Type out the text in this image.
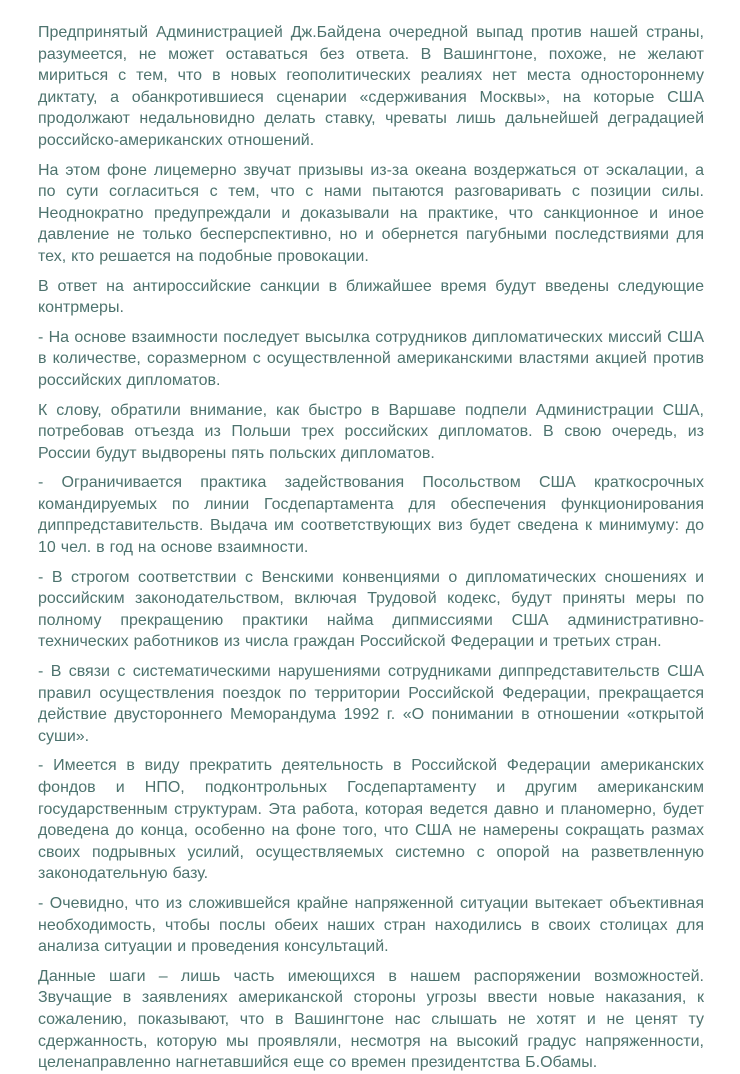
Предпринятый Администрацией Дж.Байдена очередной выпад против нашей страны, разумеется, не может оставаться без ответа. В Вашингтоне, похоже, не желают мириться с тем, что в новых геополитических реалиях нет места одностороннему диктату, а обанкротившиеся сценарии «сдерживания Москвы», на которые США продолжают недальновидно делать ставку, чреваты лишь дальнейшей деградацией российско-американских отношений.

На этом фоне лицемерно звучат призывы из-за океана воздержаться от эскалации, а по сути согласиться с тем, что с нами пытаются разговаривать с позиции силы. Неоднократно предупреждали и доказывали на практике, что санкционное и иное давление не только бесперспективно, но и обернется пагубными последствиями для тех, кто решается на подобные провокации.

В ответ на антироссийские санкции в ближайшее время будут введены следующие контрмеры.

- На основе взаимности последует высылка сотрудников дипломатических миссий США в количестве, соразмерном с осуществленной американскими властями акцией против российских дипломатов.

К слову, обратили внимание, как быстро в Варшаве подпели Администрации США, потребовав отъезда из Польши трех российских дипломатов. В свою очередь, из России будут выдворены пять польских дипломатов.

- Ограничивается практика задействования Посольством США краткосрочных командируемых по линии Госдепартамента для обеспечения функционирования диппредставительств. Выдача им соответствующих виз будет сведена к минимуму: до 10 чел. в год на основе взаимности.

- В строгом соответствии с Венскими конвенциями о дипломатических сношениях и российским законодательством, включая Трудовой кодекс, будут приняты меры по полному прекращению практики найма дипмиссиями США административно-технических работников из числа граждан Российской Федерации и третьих стран.

- В связи с систематическими нарушениями сотрудниками диппредставительств США правил осуществления поездок по территории Российской Федерации, прекращается действие двустороннего Меморандума 1992 г. «О понимании в отношении «открытой суши».

- Имеется в виду прекратить деятельность в Российской Федерации американских фондов и НПО, подконтрольных Госдепартаменту и другим американским государственным структурам. Эта работа, которая ведется давно и планомерно, будет доведена до конца, особенно на фоне того, что США не намерены сокращать размах своих подрывных усилий, осуществляемых системно с опорой на разветвленную законодательную базу.

- Очевидно, что из сложившейся крайне напряженной ситуации вытекает объективная необходимость, чтобы послы обеих наших стран находились в своих столицах для анализа ситуации и проведения консультаций.

Данные шаги – лишь часть имеющихся в нашем распоряжении возможностей. Звучащие в заявлениях американской стороны угрозы ввести новые наказания, к сожалению, показывают, что в Вашингтоне нас слышать не хотят и не ценят ту сдержанность, которую мы проявляли, несмотря на высокий градус напряженности, целенаправленно нагнетавшийся еще со времен президентства Б.Обамы.
